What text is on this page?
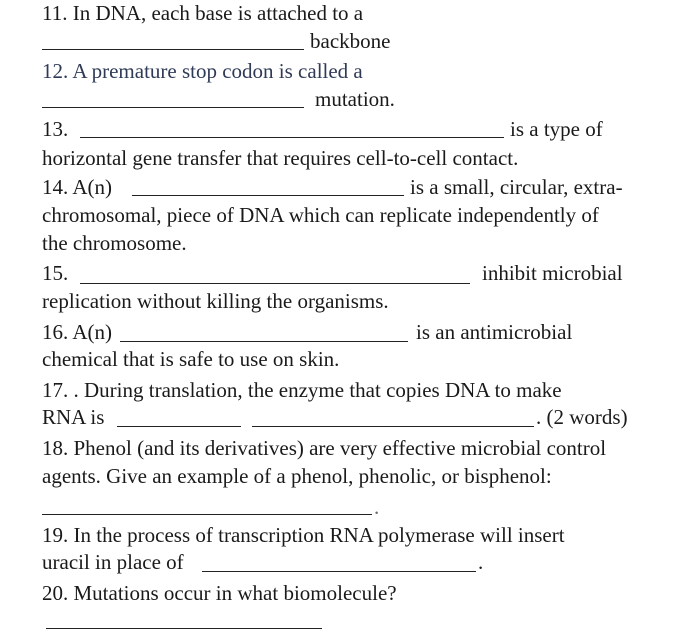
11. In DNA, each base is attached to a
backbone
12. A premature stop codon is called a
mutation.
13.	is a type of
horizontal gene transfer that requires cell-to-cell contact.
14. A(n)	is a small, circular, extra-
chromosomal, piece of DNA which can replicate independently of
the chromosome.
15.	inhibit microbial
replication without killing the organisms.
16. A(n)	is an antimicrobial
chemical that is safe to use on skin.
17. . During translation, the enzyme that copies DNA to make
RNA is	. (2 words)
18. Phenol (and its derivatives) are very effective microbial control
agents. Give an example of a phenol, phenolic, or bisphenol:
.
19. In the process of transcription RNA polymerase will insert
uracil in place of	.
20. Mutations occur in what biomolecule?
